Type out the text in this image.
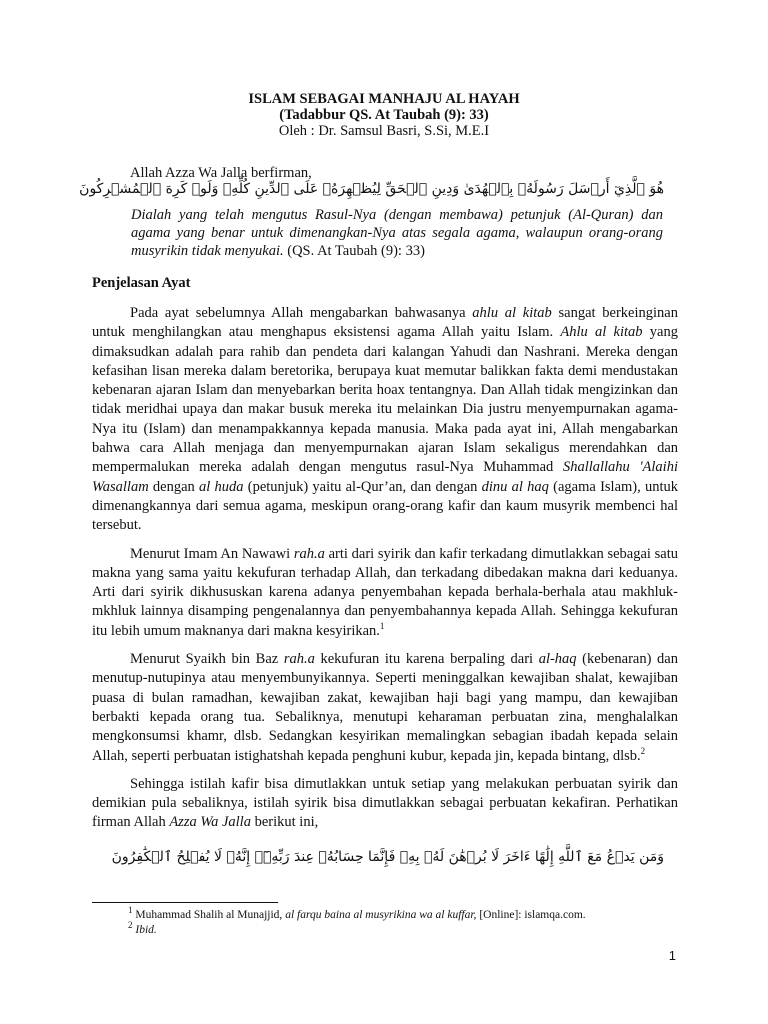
ISLAM SEBAGAI MANHAJU AL HAYAH
(Tadabbur QS. At Taubah (9): 33)
Oleh : Dr. Samsul Basri, S.Si, M.E.I
Allah Azza Wa Jalla berfirman,
هُوَ ٱلَّذِيٓ أَرۡسَلَ رَسُولَهُۥ بِٱلۡهُدَىٰ وَدِينِ ٱلۡحَقِّ لِيُظۡهِرَهُۥ عَلَى ٱلدِّينِ كُلِّهِۦ وَلَوۡ كَرِهَ ٱلۡمُشۡرِكُونَ
Dialah yang telah mengutus Rasul-Nya (dengan membawa) petunjuk (Al-Quran) dan agama yang benar untuk dimenangkan-Nya atas segala agama, walaupun orang-orang musyrikin tidak menyukai. (QS. At Taubah (9): 33)
Penjelasan Ayat

Pada ayat sebelumnya Allah mengabarkan bahwasanya ahlu al kitab sangat berkeinginan untuk menghilangkan atau menghapus eksistensi agama Allah yaitu Islam. Ahlu al kitab yang dimaksudkan adalah para rahib dan pendeta dari kalangan Yahudi dan Nashrani. Mereka dengan kefasihan lisan mereka dalam beretorika, berupaya kuat memutar balikkan fakta demi mendustakan kebenaran ajaran Islam dan menyebarkan berita hoax tentangnya. Dan Allah tidak mengizinkan dan tidak meridhai upaya dan makar busuk mereka itu melainkan Dia justru menyempurnakan agama-Nya itu (Islam) dan menampakkannya kepada manusia. Maka pada ayat ini, Allah mengabarkan bahwa cara Allah menjaga dan menyempurnakan ajaran Islam sekaligus merendahkan dan mempermalukan mereka adalah dengan mengutus rasul-Nya Muhammad Shallallahu 'Alaihi Wasallam dengan al huda (petunjuk) yaitu al-Qur’an, dan dengan dinu al haq (agama Islam), untuk dimenangkannya dari semua agama, meskipun orang-orang kafir dan kaum musyrik membenci hal tersebut.

Menurut Imam An Nawawi rah.a arti dari syirik dan kafir terkadang dimutlakkan sebagai satu makna yang sama yaitu kekufuran terhadap Allah, dan terkadang dibedakan makna dari keduanya. Arti dari syirik dikhususkan karena adanya penyembahan kepada berhala-berhala atau makhluk-mkhluk lainnya disamping pengenalannya dan penyembahannya kepada Allah. Sehingga kekufuran itu lebih umum maknanya dari makna kesyirikan.$^1$

Menurut Syaikh bin Baz rah.a kekufuran itu karena berpaling dari al-haq (kebenaran) dan menutup-nutupinya atau menyembunyikannya. Seperti meninggalkan kewajiban shalat, kewajiban puasa di bulan ramadhan, kewajiban zakat, kewajiban haji bagi yang mampu, dan kewajiban berbakti kepada orang tua. Sebaliknya, menutupi keharaman perbuatan zina, menghalalkan mengkonsumsi khamr, dlsb. Sedangkan kesyirikan memalingkan sebagian ibadah kepada selain Allah, seperti perbuatan istighatshah kepada penghuni kubur, kepada jin, kepada bintang, dlsb.$^2$

Sehingga istilah kafir bisa dimutlakkan untuk setiap yang melakukan perbuatan syirik dan demikian pula sebaliknya, istilah syirik bisa dimutlakkan sebagai perbuatan kekafiran. Perhatikan firman Allah Azza Wa Jalla berikut ini,

وَمَن يَدۡعُ مَعَ ٱللَّهِ إِلَٰهًا ءَاخَرَ لَا بُرۡهَٰنَ لَهُۥ بِهِۦ فَإِنَّمَا حِسَابُهُۥ عِندَ رَبِّهِۦٓۚ إِنَّهُۥ لَا يُفۡلِحُ ٱلۡكَٰفِرُونَ
$^1$ Muhammad Shalih al Munajjid, al farqu baina al musyrikina wa al kuffar, [Online]: islamqa.com.
$^2$ Ibid.
1
